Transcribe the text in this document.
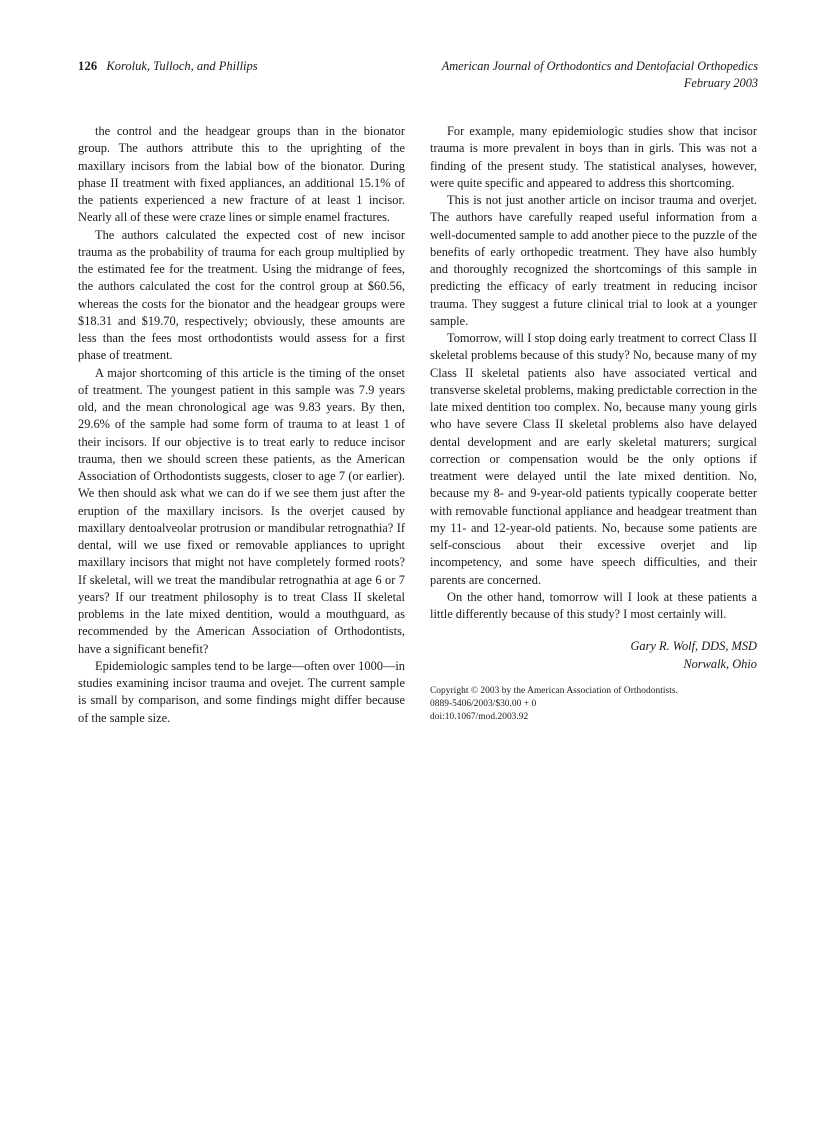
126 Koroluk, Tulloch, and Phillips	American Journal of Orthodontics and Dentofacial Orthopedics
February 2003

the control and the headgear groups than in the bionator group. The authors attribute this to the uprighting of the maxillary incisors from the labial bow of the bionator. During phase II treatment with fixed appliances, an additional 15.1% of the patients experienced a new fracture of at least 1 incisor. Nearly all of these were craze lines or simple enamel fractures.

The authors calculated the expected cost of new incisor trauma as the probability of trauma for each group multiplied by the estimated fee for the treatment. Using the midrange of fees, the authors calculated the cost for the control group at $60.56, whereas the costs for the bionator and the headgear groups were $18.31 and $19.70, respectively; obviously, these amounts are less than the fees most orthodontists would assess for a first phase of treatment.

A major shortcoming of this article is the timing of the onset of treatment. The youngest patient in this sample was 7.9 years old, and the mean chronological age was 9.83 years. By then, 29.6% of the sample had some form of trauma to at least 1 of their incisors. If our objective is to treat early to reduce incisor trauma, then we should screen these patients, as the American Association of Orthodontists suggests, closer to age 7 (or earlier). We then should ask what we can do if we see them just after the eruption of the maxillary incisors. Is the overjet caused by maxillary dentoalveolar protrusion or mandibular retrognathia? If dental, will we use fixed or removable appliances to upright maxillary incisors that might not have completely formed roots? If skeletal, will we treat the mandibular retrognathia at age 6 or 7 years? If our treatment philosophy is to treat Class II skeletal problems in the late mixed dentition, would a mouthguard, as recommended by the American Association of Orthodontists, have a significant benefit?

Epidemiologic samples tend to be large—often over 1000—in studies examining incisor trauma and ovejet. The current sample is small by comparison, and some findings might differ because of the sample size.

For example, many epidemiologic studies show that incisor trauma is more prevalent in boys than in girls. This was not a finding of the present study. The statistical analyses, however, were quite specific and appeared to address this shortcoming.

This is not just another article on incisor trauma and overjet. The authors have carefully reaped useful information from a well-documented sample to add another piece to the puzzle of the benefits of early orthopedic treatment. They have also humbly and thoroughly recognized the shortcomings of this sample in predicting the efficacy of early treatment in reducing incisor trauma. They suggest a future clinical trial to look at a younger sample.

Tomorrow, will I stop doing early treatment to correct Class II skeletal problems because of this study? No, because many of my Class II skeletal patients also have associated vertical and transverse skeletal problems, making predictable correction in the late mixed dentition too complex. No, because many young girls who have severe Class II skeletal problems also have delayed dental development and are early skeletal maturers; surgical correction or compensation would be the only options if treatment were delayed until the late mixed dentition. No, because my 8- and 9-year-old patients typically cooperate better with removable functional appliance and headgear treatment than my 11- and 12-year-old patients. No, because some patients are self-conscious about their excessive overjet and lip incompetency, and some have speech difficulties, and their parents are concerned.

On the other hand, tomorrow will I look at these patients a little differently because of this study? I most certainly will.

Gary R. Wolf, DDS, MSD
Norwalk, Ohio
Copyright © 2003 by the American Association of Orthodontists.
0889-5406/2003/$30.00 + 0
doi:10.1067/mod.2003.92
